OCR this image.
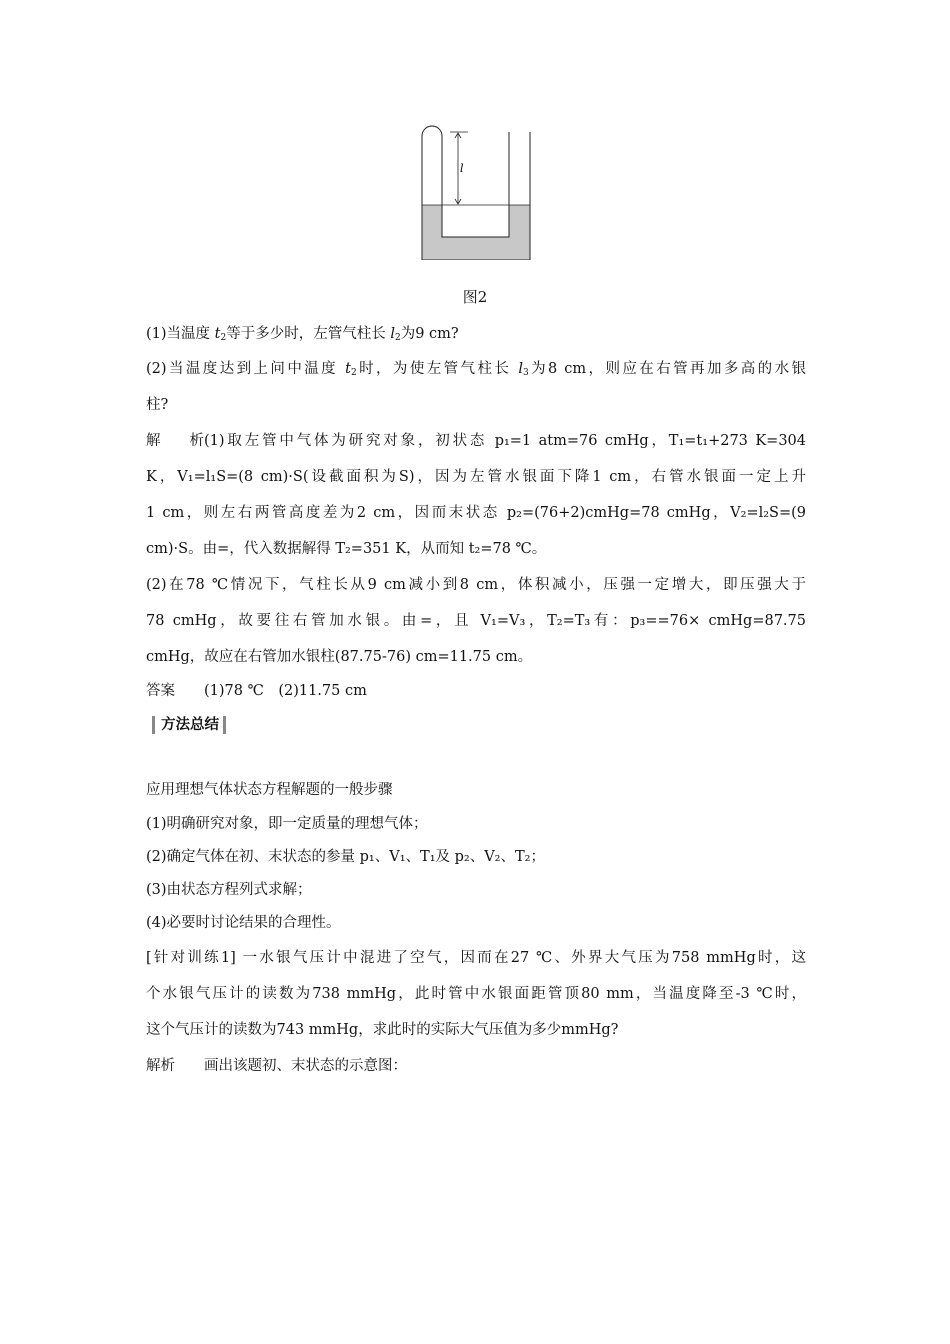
l
图2
(1)当温度 $t_2$等于多少时，左管气柱长 $l_2$为9 cm?
(2)当温度达到上问中温度 $t_2$时，为使左管气柱长 $l_3$为8 cm，则应在右管再加多高的水银
柱?
解析(1)取左管中气体为研究对象，初状态 p₁=1 atm=76 cmHg，T₁=t₁+273 K=304
K，V₁=l₁S=(8 cm)·S(设截面积为S)，因为左管水银面下降1 cm，右管水银面一定上升
1 cm，则左右两管高度差为2 cm，因而末状态 p₂=(76+2)cmHg=78 cmHg，V₂=l₂S=(9
cm)·S。由=，代入数据解得 T₂=351 K，从而知 t₂=78 ℃。
(2)在78 ℃情况下，气柱长从9 cm减小到8 cm，体积减小，压强一定增大，即压强大于
78 cmHg，故要往右管加水银。由=，且 V₁=V₃，T₂=T₃有：p₃==76× cmHg=87.75
cmHg，故应在右管加水银柱(87.75-76) cm=11.75 cm。
答案 (1)78 ℃　(2)11.75 cm
方法总结
应用理想气体状态方程解题的一般步骤
(1)明确研究对象，即一定质量的理想气体；
(2)确定气体在初、末状态的参量 p₁、V₁、T₁及 p₂、V₂、T₂；
(3)由状态方程列式求解；
(4)必要时讨论结果的合理性。
[针对训练1] 一水银气压计中混进了空气，因而在27 ℃、外界大气压为758 mmHg时，这
个水银气压计的读数为738 mmHg，此时管中水银面距管顶80 mm，当温度降至-3 ℃时，
这个气压计的读数为743 mmHg，求此时的实际大气压值为多少mmHg?
解析 画出该题初、末状态的示意图：
